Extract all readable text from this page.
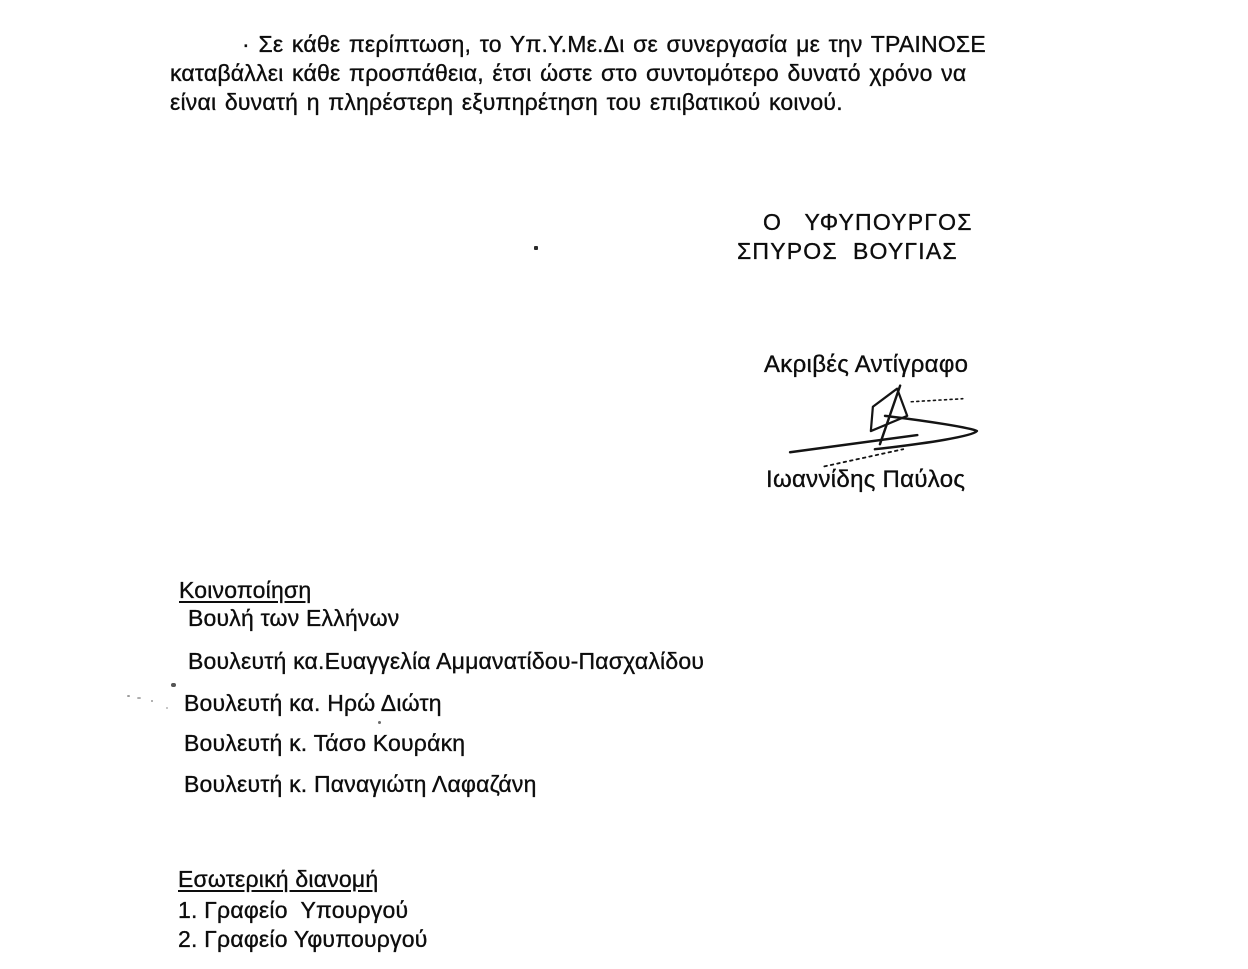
· Σε κάθε περίπτωση, το Υπ.Υ.Με.Δι σε συνεργασία με την ΤΡΑΙΝΟΣΕ
καταβάλλει κάθε προσπάθεια, έτσι ώστε στο συντομότερο δυνατό χρόνο να
είναι δυνατή η πληρέστερη εξυπηρέτηση του επιβατικού κοινού.
Ο   ΥΦΥΠΟΥΡΓΟΣ
ΣΠΥΡΟΣ  ΒΟΥΓΙΑΣ
Ακριβές Αντίγραφο
Ιωαννίδης Παύλος
Κοινοποίηση
Βουλή των Ελλήνων
Βουλευτή κα.Ευαγγελία Αμμανατίδου-Πασχαλίδου
Βουλευτή κα. Ηρώ Διώτη
Βουλευτή κ. Τάσο Κουράκη
Βουλευτή κ. Παναγιώτη Λαφαζάνη
Εσωτερική διανομή
1. Γραφείο  Υπουργού
2. Γραφείο Υφυπουργού
